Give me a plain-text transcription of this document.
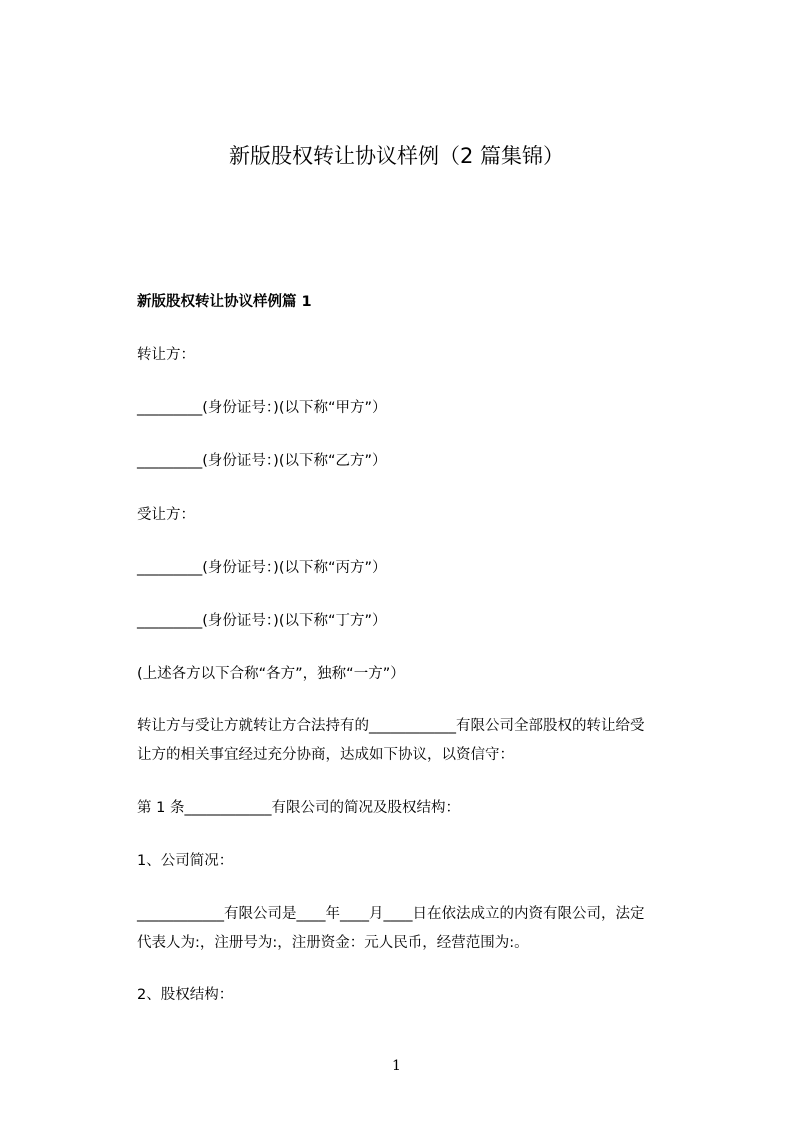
新版股权转让协议样例（2 篇集锦）
新版股权转让协议样例篇 1
转让方：
_________(身份证号：)(以下称“甲方”）
_________(身份证号：)(以下称“乙方”）
受让方：
_________(身份证号：)(以下称“丙方”）
_________(身份证号：)(以下称“丁方”）
(上述各方以下合称“各方”，独称“一方”）
转让方与受让方就转让方合法持有的____________有限公司全部股权的转让给受
让方的相关事宜经过充分协商，达成如下协议，以资信守：
第 1 条____________有限公司的简况及股权结构：
1、公司简况：
____________有限公司是____年____月____日在依法成立的内资有限公司，法定
代表人为:，注册号为:，注册资金：元人民币，经营范围为:。
2、股权结构：
1
